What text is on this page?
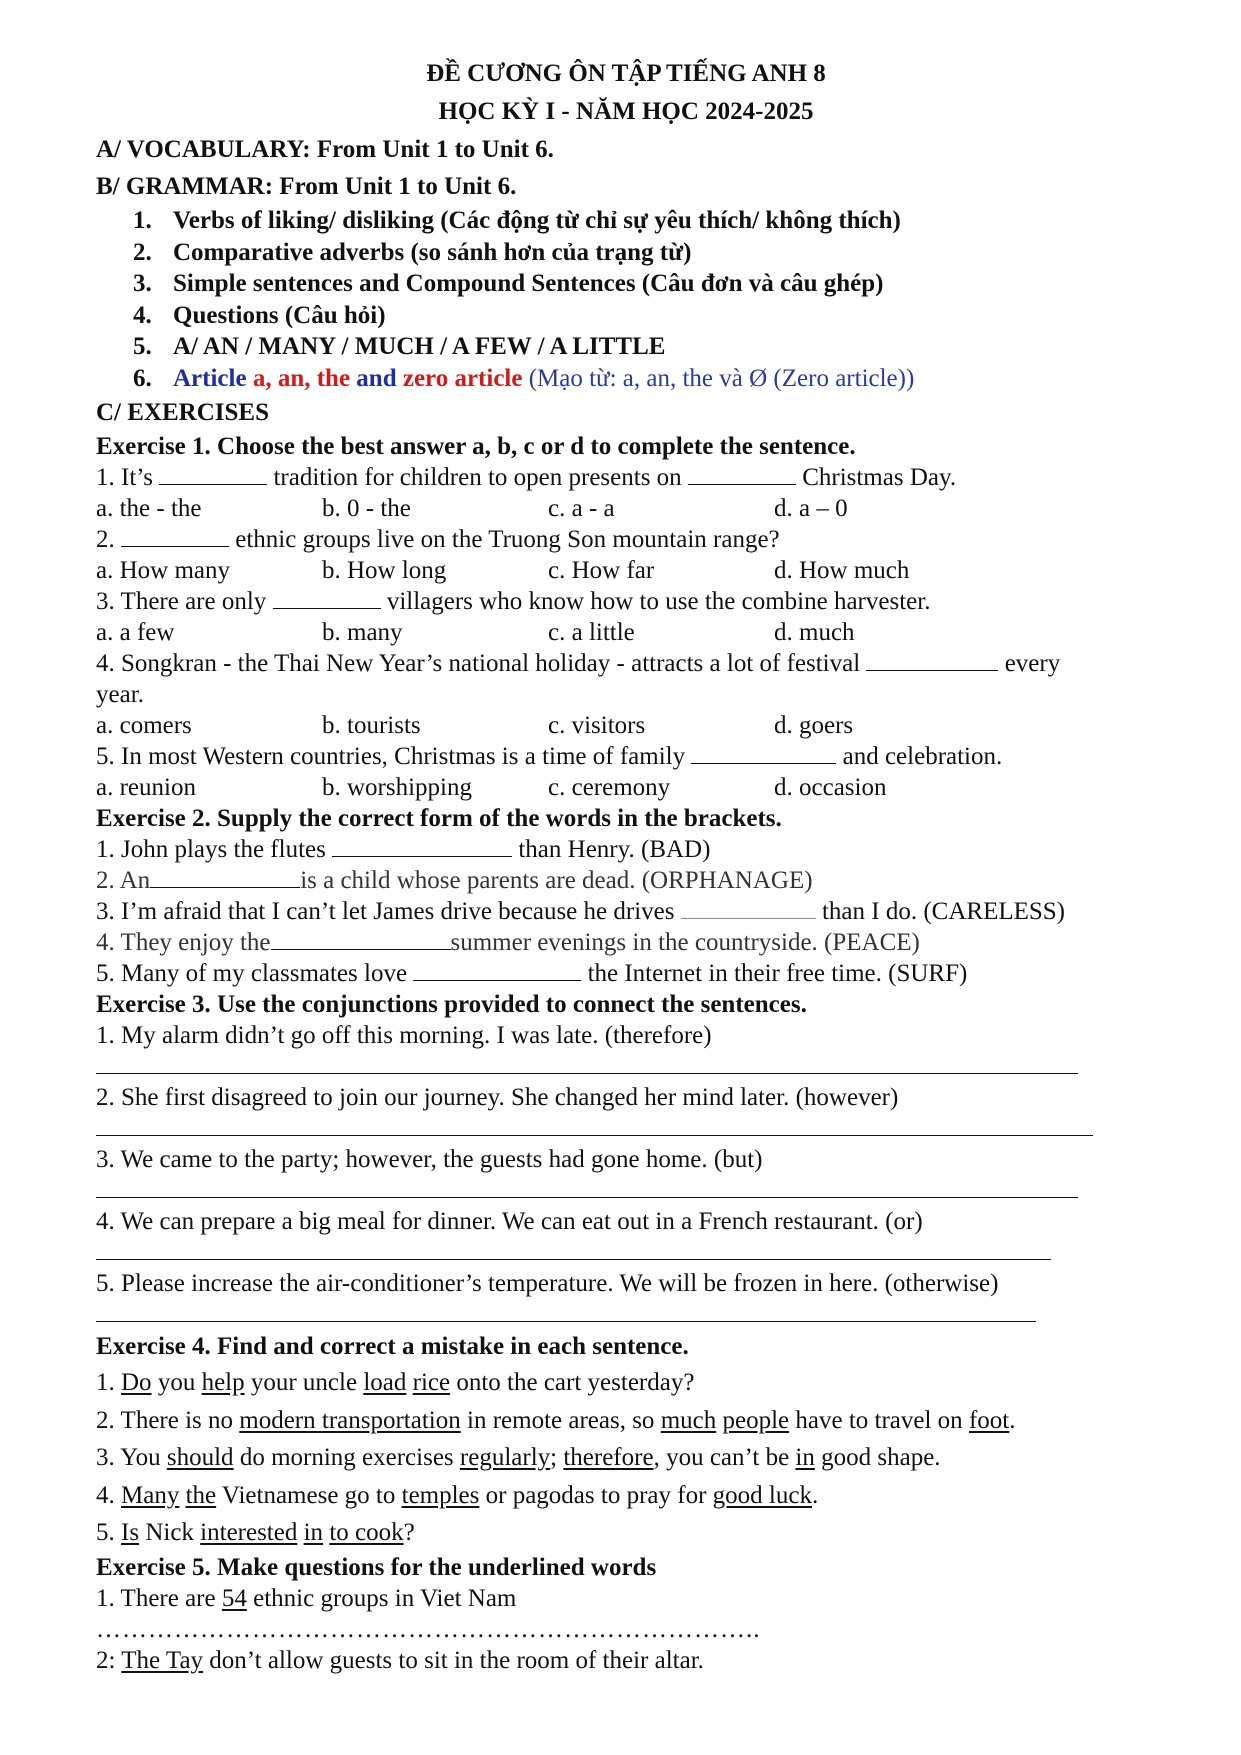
ĐỀ CƯƠNG ÔN TẬP TIẾNG ANH 8
HỌC KỲ I - NĂM HỌC 2024-2025
A/ VOCABULARY: From Unit 1 to Unit 6.
B/ GRAMMAR: From Unit 1 to Unit 6.
1. Verbs of liking/ disliking (Các động từ chỉ sự yêu thích/ không thích)
2. Comparative adverbs (so sánh hơn của trạng từ)
3. Simple sentences and Compound Sentences (Câu đơn và câu ghép)
4. Questions (Câu hỏi)
5. A/ AN / MANY / MUCH / A FEW / A LITTLE
6. Article a, an, the and zero article (Mạo từ: a, an, the và Ø (Zero article))
C/ EXERCISES
Exercise 1. Choose the best answer a, b, c or d to complete the sentence.
1. It’s	tradition for children to open presents on	Christmas Day.
a. the - the	b. 0 - the	c. a - a	d. a – 0
2.	ethnic groups live on the Truong Son mountain range?
a. How many	b. How long	c. How far	d. How much
3. There are only	villagers who know how to use the combine harvester.
a. a few	b. many	c. a little	d. much
4. Songkran - the Thai New Year’s national holiday - attracts a lot of festival	every
year.
a. comers	b. tourists	c. visitors	d. goers
5. In most Western countries, Christmas is a time of family	and celebration.
a. reunion	b. worshipping	c. ceremony	d. occasion
Exercise 2. Supply the correct form of the words in the brackets.
1. John plays the flutes	than Henry. (BAD)
2. An	is a child whose parents are dead. (ORPHANAGE)
3. I’m afraid that I can’t let James drive because he drives	than I do. (CARELESS)
4. They enjoy the	summer evenings in the countryside. (PEACE)
5. Many of my classmates love	the Internet in their free time. (SURF)
Exercise 3. Use the conjunctions provided to connect the sentences.
1. My alarm didn’t go off this morning. I was late. (therefore)
2. She first disagreed to join our journey. She changed her mind later. (however)
3. We came to the party; however, the guests had gone home. (but)
4. We can prepare a big meal for dinner. We can eat out in a French restaurant. (or)
5. Please increase the air-conditioner’s temperature. We will be frozen in here. (otherwise)
Exercise 4. Find and correct a mistake in each sentence.
1. Do you help your uncle load rice onto the cart yesterday?
2. There is no modern transportation in remote areas, so much people have to travel on foot.
3. You should do morning exercises regularly; therefore, you can’t be in good shape.
4. Many the Vietnamese go to temples or pagodas to pray for good luck.
5. Is Nick interested in to cook?
Exercise 5. Make questions for the underlined words
1. There are 54 ethnic groups in Viet Nam
…………………………………………………………………..
2: The Tay don’t allow guests to sit in the room of their altar.
